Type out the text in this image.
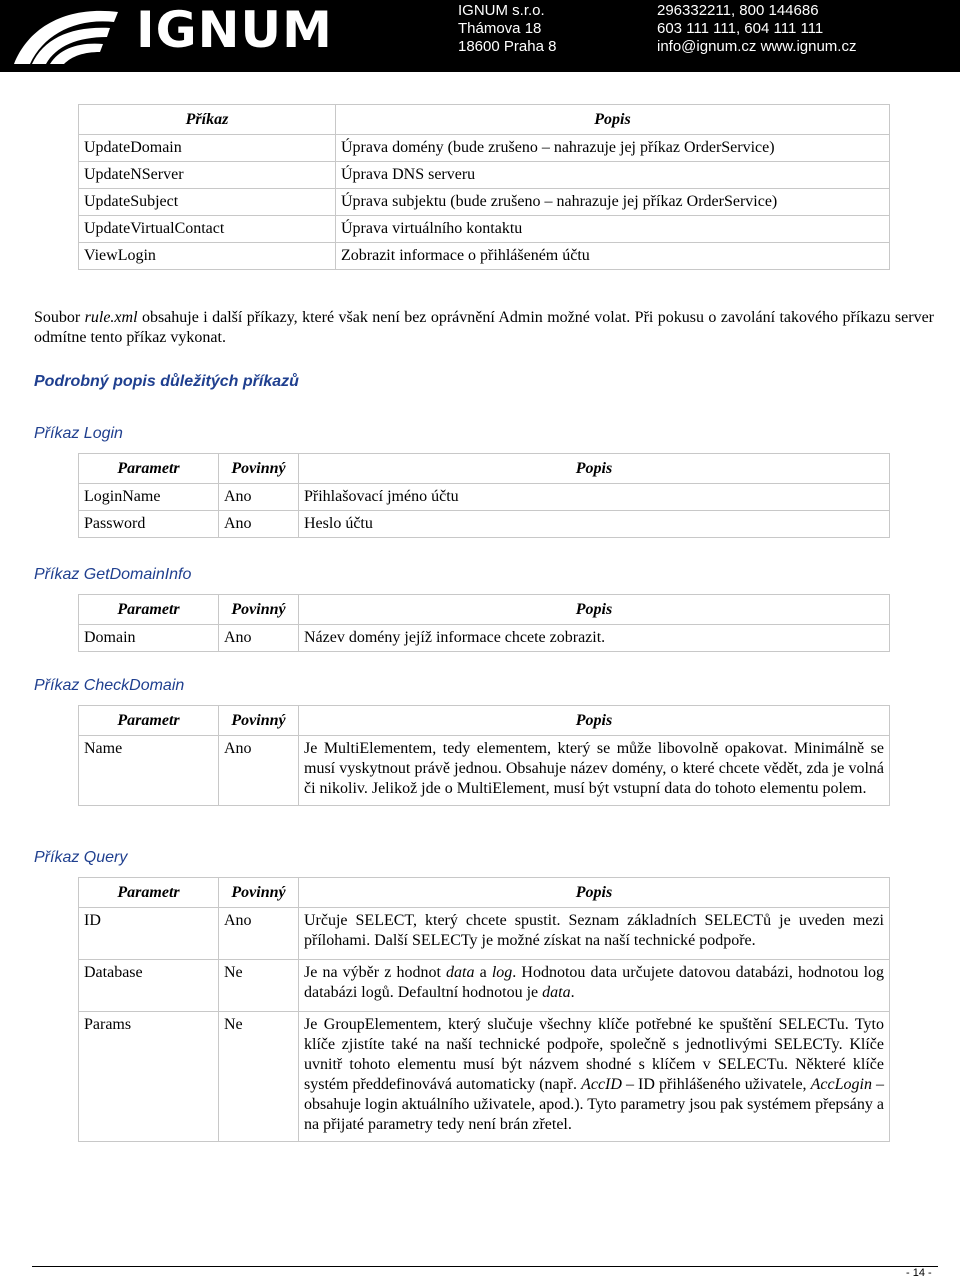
IGNUM	IGNUM s.r.o.
Thámova 18
18600 Praha 8
296332211, 800 144686
603 111 111, 604 111 111
info@ignum.cz www.ignum.cz
Příkaz	Popis
UpdateDomain	Úprava domény (bude zrušeno – nahrazuje jej příkaz OrderService)
UpdateNServer	Úprava DNS serveru
UpdateSubject	Úprava subjektu (bude zrušeno – nahrazuje jej příkaz OrderService)
UpdateVirtualContact	Úprava virtuálního kontaktu
ViewLogin	Zobrazit informace o přihlášeném účtu
Soubor rule.xml obsahuje i další příkazy, které však není bez oprávnění Admin možné volat. Při pokusu o zavolání takového příkazu server odmítne tento příkaz vykonat.
Podrobný popis důležitých příkazů
Příkaz Login
Parametr	Povinný	Popis
LoginName	Ano	Přihlašovací jméno účtu
Password	Ano	Heslo účtu
Příkaz GetDomainInfo
Parametr	Povinný	Popis
Domain	Ano	Název domény jejíž informace chcete zobrazit.
Příkaz CheckDomain
Parametr	Povinný	Popis
Name	Ano	Je MultiElementem, tedy elementem, který se může libovolně opakovat. Minimálně se musí vyskytnout právě jednou. Obsahuje název domény, o které chcete vědět, zda je volná či nikoliv. Jelikož jde o MultiElement, musí být vstupní data do tohoto elementu polem.
Příkaz Query
Parametr	Povinný	Popis
ID	Ano	Určuje SELECT, který chcete spustit. Seznam základních SELECTů je uveden mezi přílohami. Další SELECTy je možné získat na naší technické podpoře.
Database	Ne	Je na výběr z hodnot data a log. Hodnotou data určujete datovou databázi, hodnotou log databázi logů. Defaultní hodnotou je data.
Params	Ne	Je GroupElementem, který slučuje všechny klíče potřebné ke spuštění SELECTu. Tyto klíče zjistíte také na naší technické podpoře, společně s jednotlivými SELECTy. Klíče uvnitř tohoto elementu musí být názvem shodné s klíčem v SELECTu. Některé klíče systém předdefinovává automaticky (např. AccID – ID přihlášeného uživatele, AccLogin – obsahuje login aktuálního uživatele, apod.). Tyto parametry jsou pak systémem přepsány a na přijaté parametry tedy není brán zřetel.
- 14 -
